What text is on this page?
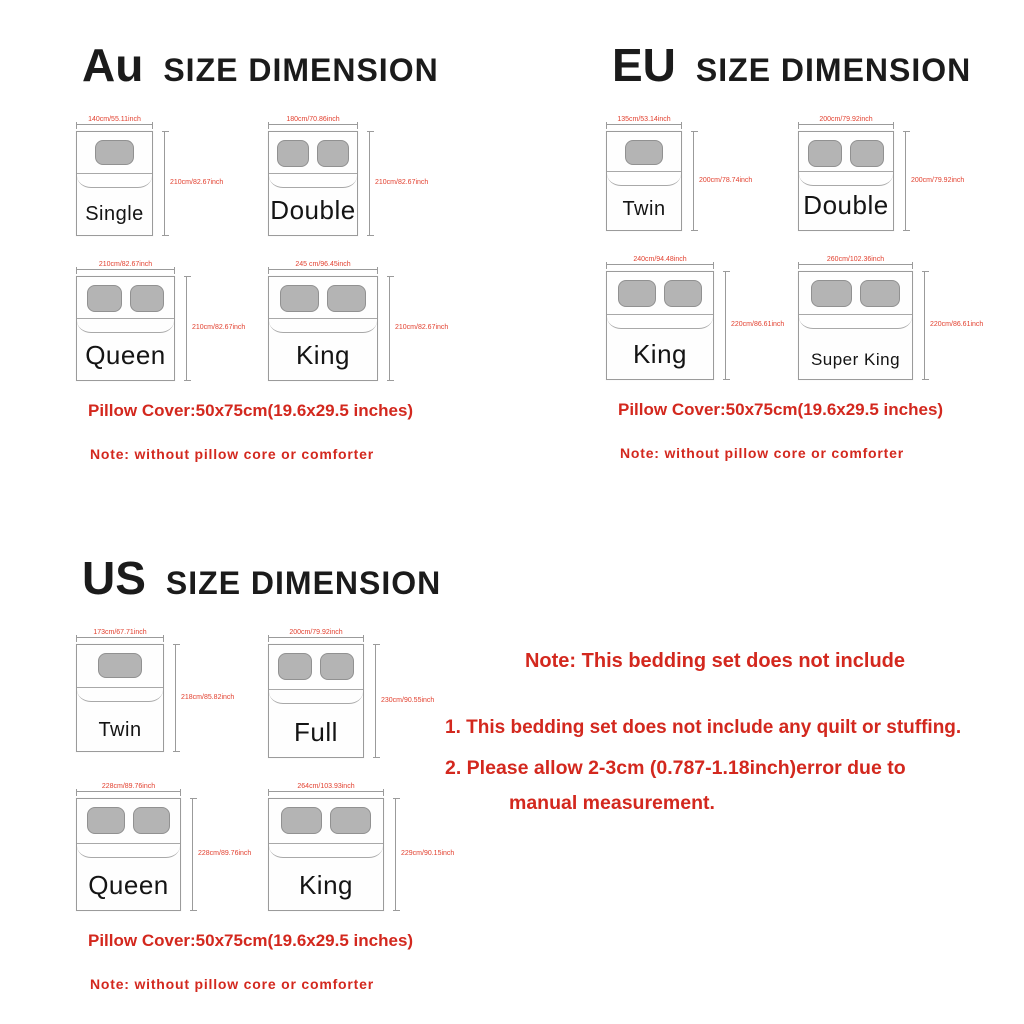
Au SIZE DIMENSION
140cm/55.11inch
Single
210cm/82.67inch
180cm/70.86inch
Double
210cm/82.67inch
210cm/82.67inch
Queen
210cm/82.67inch
245 cm/96.45inch
King
210cm/82.67inch
Pillow Cover:50x75cm(19.6x29.5 inches)
Note: without pillow core or comforter
EU SIZE DIMENSION
135cm/53.14inch
Twin
200cm/78.74inch
200cm/79.92inch
Double
200cm/79.92inch
240cm/94.48inch
King
220cm/86.61inch
260cm/102.36inch
Super King
220cm/86.61inch
Pillow Cover:50x75cm(19.6x29.5 inches)
Note: without pillow core or comforter
US SIZE DIMENSION
173cm/67.71inch
Twin
218cm/85.82inch
200cm/79.92inch
Full
230cm/90.55inch
228cm/89.76inch
Queen
228cm/89.76inch
264cm/103.93inch
King
229cm/90.15inch
Pillow Cover:50x75cm(19.6x29.5 inches)
Note: without pillow core or comforter
Note: This bedding set does not include
1. This bedding set does not include any quilt or stuffing.
2. Please allow 2-3cm (0.787-1.18inch)error due to
manual measurement.
